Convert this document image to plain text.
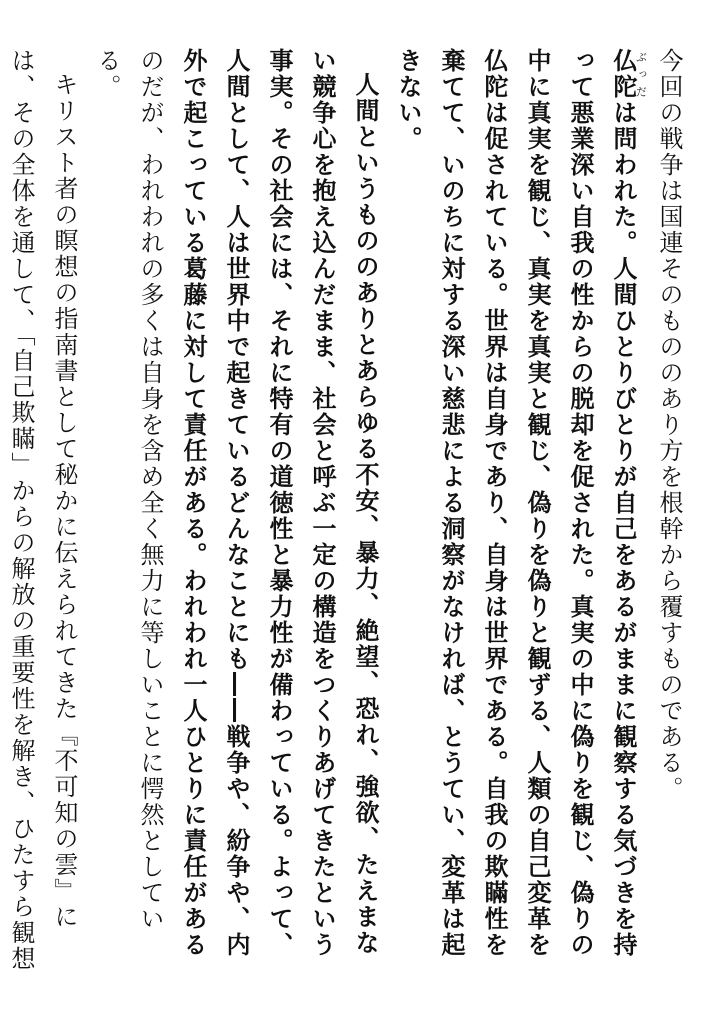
今回の戦争は国連そのもののあり方を根幹から覆すものである。

仏陀ぶっだは問われた。人間ひとりびとりが自己をあるがままに観察する気づきを持って悪業深い自我の性からの脱却を促された。真実の中に偽りを観じ、偽りの中に真実を観じ、真実を真実と観じ、偽りを偽りと観ずる、人類の自己変革を仏陀は促されている。世界は自身であり、自身は世界である。自我の欺瞞性を棄てて、いのちに対する深い慈悲による洞察がなければ、とうてい、変革は起きない。

人間というもののありとあらゆる不安、暴力、絶望、恐れ、強欲、たえまない競争心を抱え込んだまま、社会と呼ぶ一定の構造をつくりあげてきたという事実。その社会には、それに特有の道徳性と暴力性が備わっている。よって、人間として、人は世界中で起きているどんなことにも――戦争や、紛争や、内外で起こっている葛藤に対して責任がある。われわれ一人ひとりに責任があるのだが、われわれの多くは自身を含め全く無力に等しいことに愕然としている。

キリスト者の瞑想の指南書として秘かに伝えられてきた『不可知の雲』には、その全体を通して、「自己欺瞞」からの解放の重要性を解き、ひたすら観想
